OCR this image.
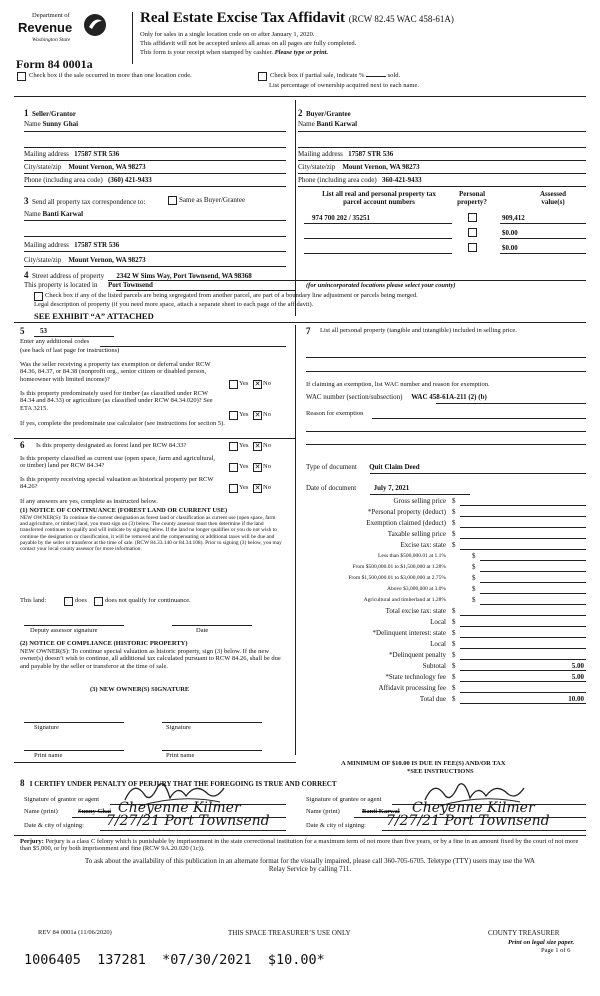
Department of
Revenue
Washington State
Form 84 0001a
Real Estate Excise Tax Affidavit (RCW 82.45 WAC 458-61A)
Only for sales in a single location code on or after January 1, 2020.
This affidavit will not be accepted unless all areas on all pages are fully completed.
This form is your receipt when stamped by cashier. Please type or print.
Check box if the sale occurred in more than one location code.	Check box if partial sale, indicate %	sold.
List percentage of ownership acquired next to each name.
1 Seller/Grantor
Name Sunny Ghai
Mailing address 17587 STR 536
City/state/zip Mount Vernon, WA 98273
Phone (including area code) (360) 421-9433
2 Buyer/Grantee
Name Banti Karwal
Mailing address 17587 STR 536
City/state/zip Mount Vernon, WA 98273
Phone (including area code) 360-421-9433
3 Send all property tax correspondence to:	Same as Buyer/Grantee
Name Banti Karwal
Mailing address 17587 STR 536
City/state/zip Mount Vernon, WA 98273
List all real and personal property tax
parcel account numbers
Personal
property?
Assessed
value(s)
974 700 202 / 35251	909,412
$0.00
$0.00
4 Street address of property 2342 W Sims Way, Port Townsend, WA 98368
This property is located in Port Townsend	(for unincorporated locations please select your county)
Check box if any of the listed parcels are being segregated from another parcel, are part of a boundary line adjustment or parcels being merged.
Legal description of property (if you need more space, attach a separate sheet to each page of the affidavit).
SEE EXHIBIT “A” ATTACHED
5 53
Enter any additional codes
(see back of last page for instructions)
Was the seller receiving a property tax exemption or deferral under RCW 84.36, 84.37, or 84.38 (nonprofit org., senior citizen or disabled person, homeowner with limited income)?
Yes ✕ No
Is this property predominately used for timber (as classified under RCW 84.34 and 84.33) or agriculture (as classified under RCW 84.34.020)? See ETA 3215.
Yes ✕ No
If yes, complete the predominate use calculator (see instructions for section 5).
6 Is this property designated as forest land per RCW 84.33?	Yes ✕ No
Is this property classified as current use (open space, farm and agricultural, or timber) land per RCW 84.34?	Yes ✕ No
Is this property receiving special valuation as historical property per RCW 84.26?	Yes ✕ No
If any answers are yes, complete as instructed below.
(1) NOTICE OF CONTINUANCE (FOREST LAND OR CURRENT USE)
NEW OWNER(S): To continue the current designation as forest land or classification as current use (open space, farm and agriculture, or timber) land, you must sign on (3) below. The county assessor must then determine if the land transferred continues to qualify and will indicate by signing below. If the land no longer qualifies or you do not wish to continue the designation or classification, it will be removed and the compensating or additional taxes will be due and payable by the seller or transferor at the time of sale. (RCW 84.33.140 or 84.34.108). Prior to signing (3) below, you may contact your local county assessor for more information.
This land:	does	does not qualify for continuance.
Deputy assessor signature	Date
(2) NOTICE OF COMPLIANCE (HISTORIC PROPERTY)
NEW OWNER(S): To continue special valuation as historic property, sign (3) below. If the new owner(s) doesn’t wish to continue, all additional tax calculated pursuant to RCW 84.26, shall be due and payable by the seller or transferor at the time of sale.
(3) NEW OWNER(S) SIGNATURE
Signature	Signature
Print name	Print name
7 List all personal property (tangible and intangible) included in selling price.
If claiming an exemption, list WAC number and reason for exemption.
WAC number (section/subsection) WAC 458-61A-211 (2) (b)
Reason for exemption
Type of document Quit Claim Deed
Date of document	July 7, 2021
Gross selling price $
*Personal property (deduct) $
Exemption claimed (deduct) $
Taxable selling price $
Excise tax: state $
Less than $500,000.01 at 1.1%	$
From $500,000.01 to $1,500,000 at 1.28%	$
From $1,500,000.01 to $3,000,000 at 2.75%	$
Above $3,000,000 at 3.0%	$
Agricultural and timberland at 1.28%	$
Total excise tax: state $
Local $
*Delinquent interest: state $
Local $
*Delinquent penalty $
Subtotal $	5.00
*State technology fee $	5.00
Affidavit processing fee $
Total due $	10.00
A MINIMUM OF $10.00 IS DUE IN FEE(S) AND/OR TAX
*SEE INSTRUCTIONS
8 I CERTIFY UNDER PENALTY OF PERJURY THAT THE FOREGOING IS TRUE AND CORRECT
Signature of grantor or agent
Name (print)	Sunny Ghai Cheyenne Kilmer
Date & city of signing: 7/27/21 Port Townsend
Signature of grantee or agent
Name (print)	Banti Karwal Cheyenne Kilmer
Date & city of signing: 7/27/21 Port Townsend
Perjury: Perjury is a class C felony which is punishable by imprisonment in the state correctional institution for a maximum term of not more than five years, or by a fine in an amount fixed by the court of not more than $5,000, or by both imprisonment and fine (RCW 9A.20.020 (1c)).
To ask about the availability of this publication in an alternate format for the visually impaired, please call 360-705-6705. Teletype (TTY) users may use the WA Relay Service by calling 711.
REV 84 0001a (11/06/2020)	THIS SPACE TREASURER’S USE ONLY	COUNTY TREASURER
Print on legal size paper.
Page 1 of 6
1006405  137281  *07/30/2021  $10.00*
